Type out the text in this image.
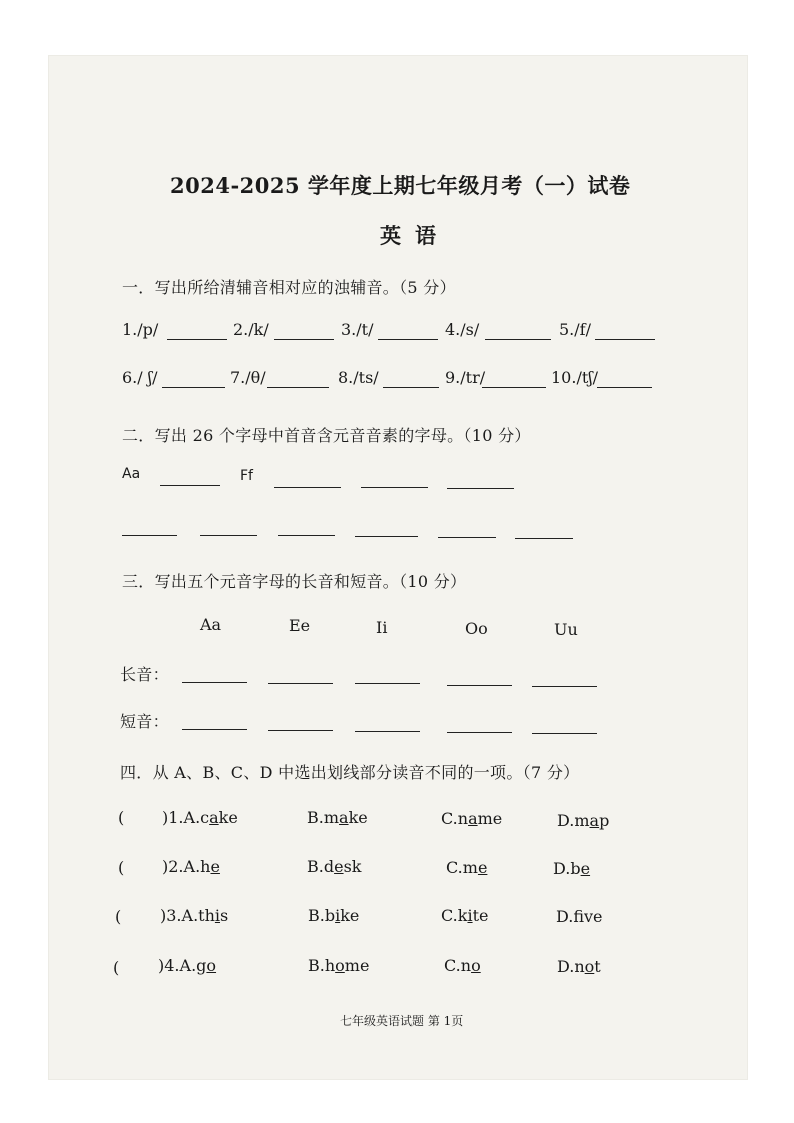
2024-2025 学年度上期七年级月考（一）试卷
英语
一．写出所给清辅音相对应的浊辅音。（5 分）
1./p/	2./k/	3./t/	4./s/	5./f/
6./ ʃ/	7./θ/	8./ts/	9./tr/	10./tʃ/
二．写出 26 个字母中首音含元音音素的字母。（10 分）
Aa	Ff
三．写出五个元音字母的长音和短音。（10 分）
Aa	Ee	Ii	Oo	Uu
长音：
短音：
四．从 A、B、C、D 中选出划线部分读音不同的一项。（7 分）
( )1.A.cake	B.make	C.name	D.map
( )2.A.he	B.desk	C.me	D.be
( )3.A.this	B.bike	C.kite	D.fve
( )4.A.go	B.home	C.no	D.not
七年级英语试题 第 1页
